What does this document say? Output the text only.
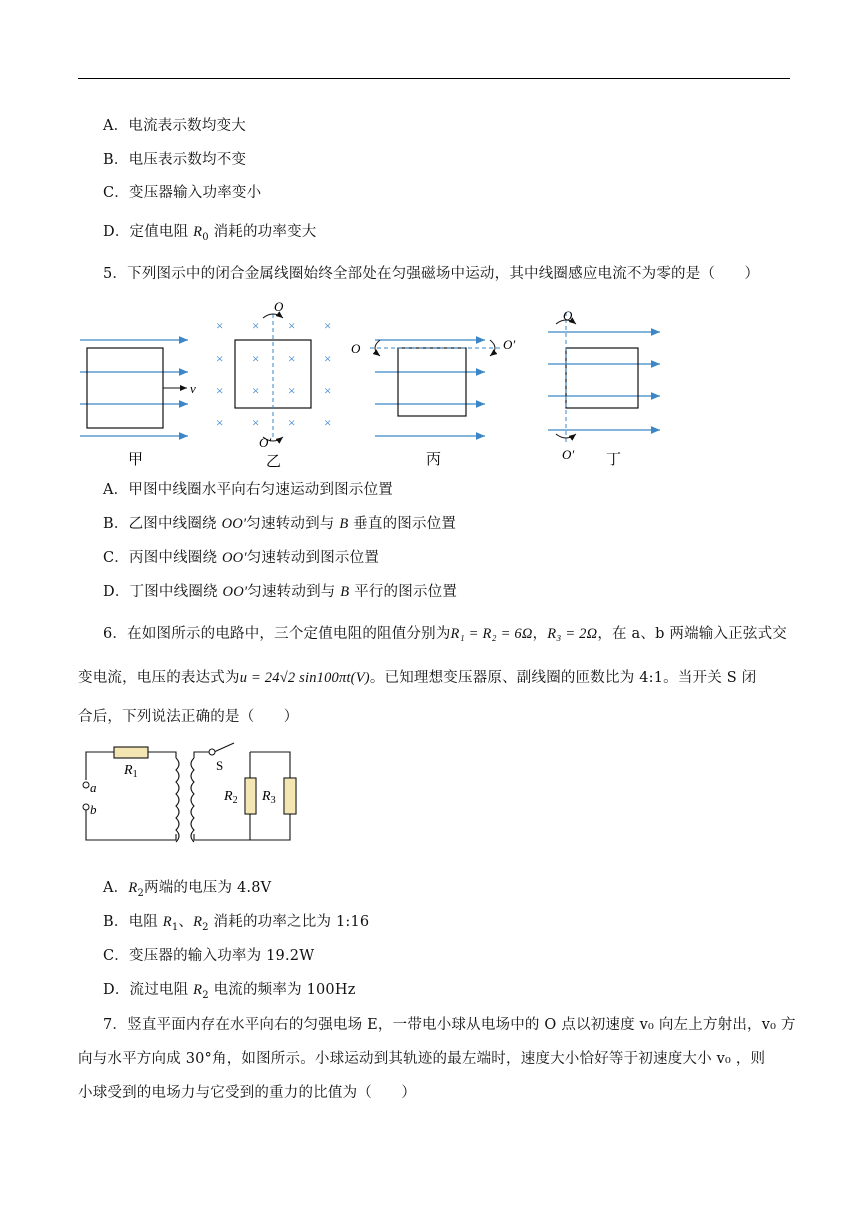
A．电流表示数均变大
B．电压表示数均不变
C．变压器输入功率变小
D．定值电阻 $R_0$ 消耗的功率变大
5．下列图示中的闭合金属线圈始终全部处在匀强磁场中运动，其中线圈感应电流不为零的是（　　）
v
甲
× × × ×
× × × ×
× × × ×
× × × ×
O
O′
乙
O	O′
丙
O
O′ 丁
A．甲图中线圈水平向右匀速运动到图示位置
B．乙图中线圈绕 OO′匀速转动到与 B 垂直的图示位置
C．丙图中线圈绕 OO′匀速转动到图示位置
D．丁图中线圈绕 OO′匀速转动到与 B 平行的图示位置
6．在如图所示的电路中，三个定值电阻的阻值分别为R₁ = R₂ = 6Ω，R₃ = 2Ω，在 a、b 两端输入正弦式交
变电流，电压的表达式为u = 24√2 sin100πt(V)。已知理想变压器原、副线圈的匝数比为 4:1。当开关 S 闭
合后，下列说法正确的是（　　）
a
b
$R_1$
S
$R_2$ $R_3$
A．$R_2$两端的电压为 4.8V
B．电阻 $R_1$、$R_2$ 消耗的功率之比为 1:16
C．变压器的输入功率为 19.2W
D．流过电阻 $R_2$ 电流的频率为 100Hz
7．竖直平面内存在水平向右的匀强电场 E，一带电小球从电场中的 O 点以初速度 v₀ 向左上方射出，v₀ 方
向与水平方向成 30°角，如图所示。小球运动到其轨迹的最左端时，速度大小恰好等于初速度大小 v₀ ，则
小球受到的电场力与它受到的重力的比值为（　　）
